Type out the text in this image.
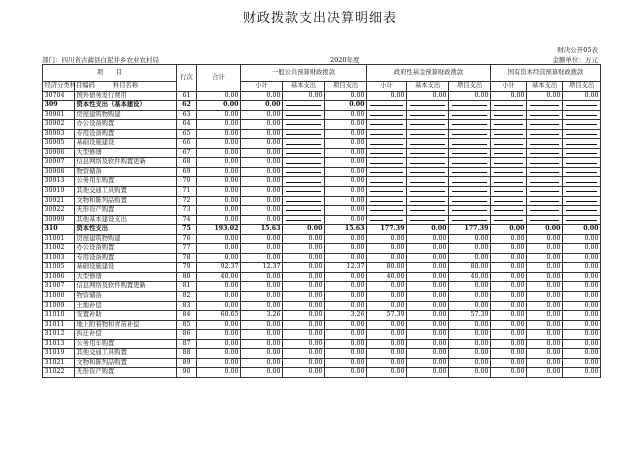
财政拨款支出决算明细表
财决公开05表
部门：四川省古蔺县白泥井乡农业农村局	2020年度	金额单位：万元
项　　目		行次	合计	一般公共预算财政拨款			政府性基金预算财政拨款			国有资本经营预算财政拨款		
经济分类科目编码	科目名称			小计	基本支出	项目支出	小计	基本支出	项目支出	小计	基本支出	项目支出
30704	国外债务发行费用	61	0.00	0.00	0.00	0.00	0.00	0.00	0.00	0.00	0.00	0.00
309	资本性支出（基本建设）	62	0.00	0.00		0.00						
30901	房屋建筑物购建	63	0.00	0.00		0.00						
30902	办公设备购置	64	0.00	0.00		0.00						
30903	专用设备购置	65	0.00	0.00		0.00						
30905	基础设施建设	66	0.00	0.00		0.00						
30906	大型修缮	67	0.00	0.00		0.00						
30907	信息网络及软件购置更新	68	0.00	0.00		0.00						
30908	物资储备	69	0.00	0.00		0.00						
30913	公务用车购置	70	0.00	0.00		0.00						
30919	其他交通工具购置	71	0.00	0.00		0.00						
30921	文物和陈列品购置	72	0.00	0.00		0.00						
30922	无形资产购置	73	0.00	0.00		0.00						
30999	其他基本建设支出	74	0.00	0.00		0.00						
310	资本性支出	75	193.02	15.63	0.00	15.63	177.39	0.00	177.39	0.00	0.00	0.00
31001	房屋建筑物购建	76	0.00	0.00	0.00	0.00	0.00	0.00	0.00	0.00	0.00	0.00
31002	办公设备购置	77	0.00	0.00	0.00	0.00	0.00	0.00	0.00	0.00	0.00	0.00
31003	专用设备购置	78	0.00	0.00	0.00	0.00	0.00	0.00	0.00	0.00	0.00	0.00
31005	基础设施建设	79	92.37	12.37	0.00	12.37	80.00	0.00	80.00	0.00	0.00	0.00
31006	大型修缮	80	40.00	0.00	0.00	0.00	40.00	0.00	40.00	0.00	0.00	0.00
31007	信息网络及软件购置更新	81	0.00	0.00	0.00	0.00	0.00	0.00	0.00	0.00	0.00	0.00
31008	物资储备	82	0.00	0.00	0.00	0.00	0.00	0.00	0.00	0.00	0.00	0.00
31009	土地补偿	83	0.00	0.00	0.00	0.00	0.00	0.00	0.00	0.00	0.00	0.00
31010	安置补助	84	60.65	3.26	0.00	3.26	57.39	0.00	57.39	0.00	0.00	0.00
31011	地上附着物和青苗补偿	85	0.00	0.00	0.00	0.00	0.00	0.00	0.00	0.00	0.00	0.00
31012	拆迁补偿	86	0.00	0.00	0.00	0.00	0.00	0.00	0.00	0.00	0.00	0.00
31013	公务用车购置	87	0.00	0.00	0.00	0.00	0.00	0.00	0.00	0.00	0.00	0.00
31019	其他交通工具购置	88	0.00	0.00	0.00	0.00	0.00	0.00	0.00	0.00	0.00	0.00
31021	文物和陈列品购置	89	0.00	0.00	0.00	0.00	0.00	0.00	0.00	0.00	0.00	0.00
31022	无形资产购置	90	0.00	0.00	0.00	0.00	0.00	0.00	0.00	0.00	0.00	0.00
